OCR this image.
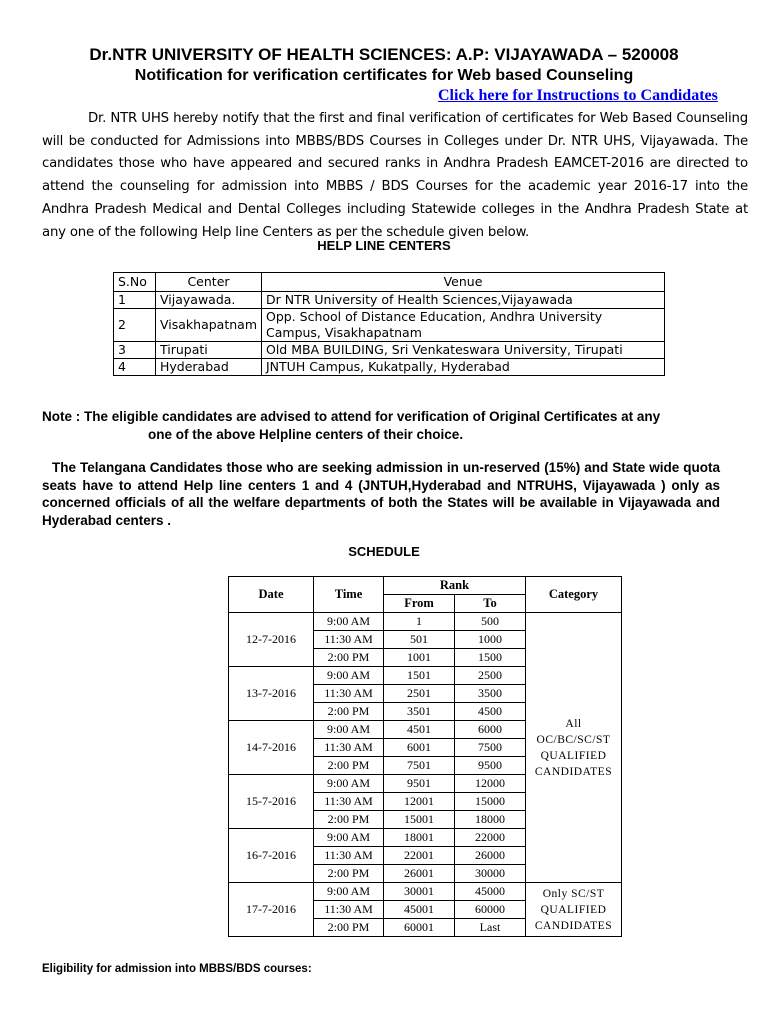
Dr.NTR UNIVERSITY OF HEALTH SCIENCES: A.P: VIJAYAWADA – 520008
Notification for verification certificates for Web based Counseling
Click here for Instructions to Candidates

Dr. NTR UHS hereby notify that the first and final verification of certificates for Web Based Counseling will be conducted for Admissions into MBBS/BDS Courses in Colleges under Dr. NTR UHS, Vijayawada. The candidates those who have appeared and secured ranks in Andhra Pradesh EAMCET-2016 are directed to attend the counseling for admission into MBBS / BDS Courses for the academic year 2016-17 into the Andhra Pradesh Medical and Dental Colleges including Statewide colleges in the Andhra Pradesh State at any one of the following Help line Centers as per the schedule given below.

HELP LINE CENTERS
S.No	Center	Venue
1	Vijayawada.	Dr NTR University of Health Sciences,Vijayawada
2	Visakhapatnam	Opp. School of Distance Education, Andhra University Campus, Visakhapatnam
3	Tirupati	Old MBA BUILDING, Sri Venkateswara University, Tirupati
4	Hyderabad	JNTUH Campus, Kukatpally, Hyderabad
Note : The eligible candidates are advised to attend for verification of Original Certificates at any
one of the above Helpline centers of their choice.

The Telangana Candidates those who are seeking admission in un-reserved (15%) and State wide quota seats have to attend Help line centers 1 and 4 (JNTUH,Hyderabad and NTRUHS, Vijayawada ) only as concerned officials of all the welfare departments of both the States will be available in Vijayawada and Hyderabad centers .

SCHEDULE
Date	Time	Rank		Category
		From	To	
12-7-2016	9:00 AM	1	500	All
OC/BC/SC/ST
QUALIFIED
CANDIDATES

	11:30 AM	501	1000	
	2:00 PM	1001	1500	
13-7-2016	9:00 AM	1501	2500	
	11:30 AM	2501	3500	
	2:00 PM	3501	4500	
14-7-2016	9:00 AM	4501	6000	
	11:30 AM	6001	7500	
	2:00 PM	7501	9500	
15-7-2016	9:00 AM	9501	12000	
	11:30 AM	12001	15000	
	2:00 PM	15001	18000	
16-7-2016	9:00 AM	18001	22000	
	11:30 AM	22001	26000	
	2:00 PM	26001	30000	
17-7-2016	9:00 AM	30001	45000	Only SC/ST
QUALIFIED
CANDIDATES

	11:30 AM	45001	60000	
	2:00 PM	60001	Last	
Eligibility for admission into MBBS/BDS courses:
